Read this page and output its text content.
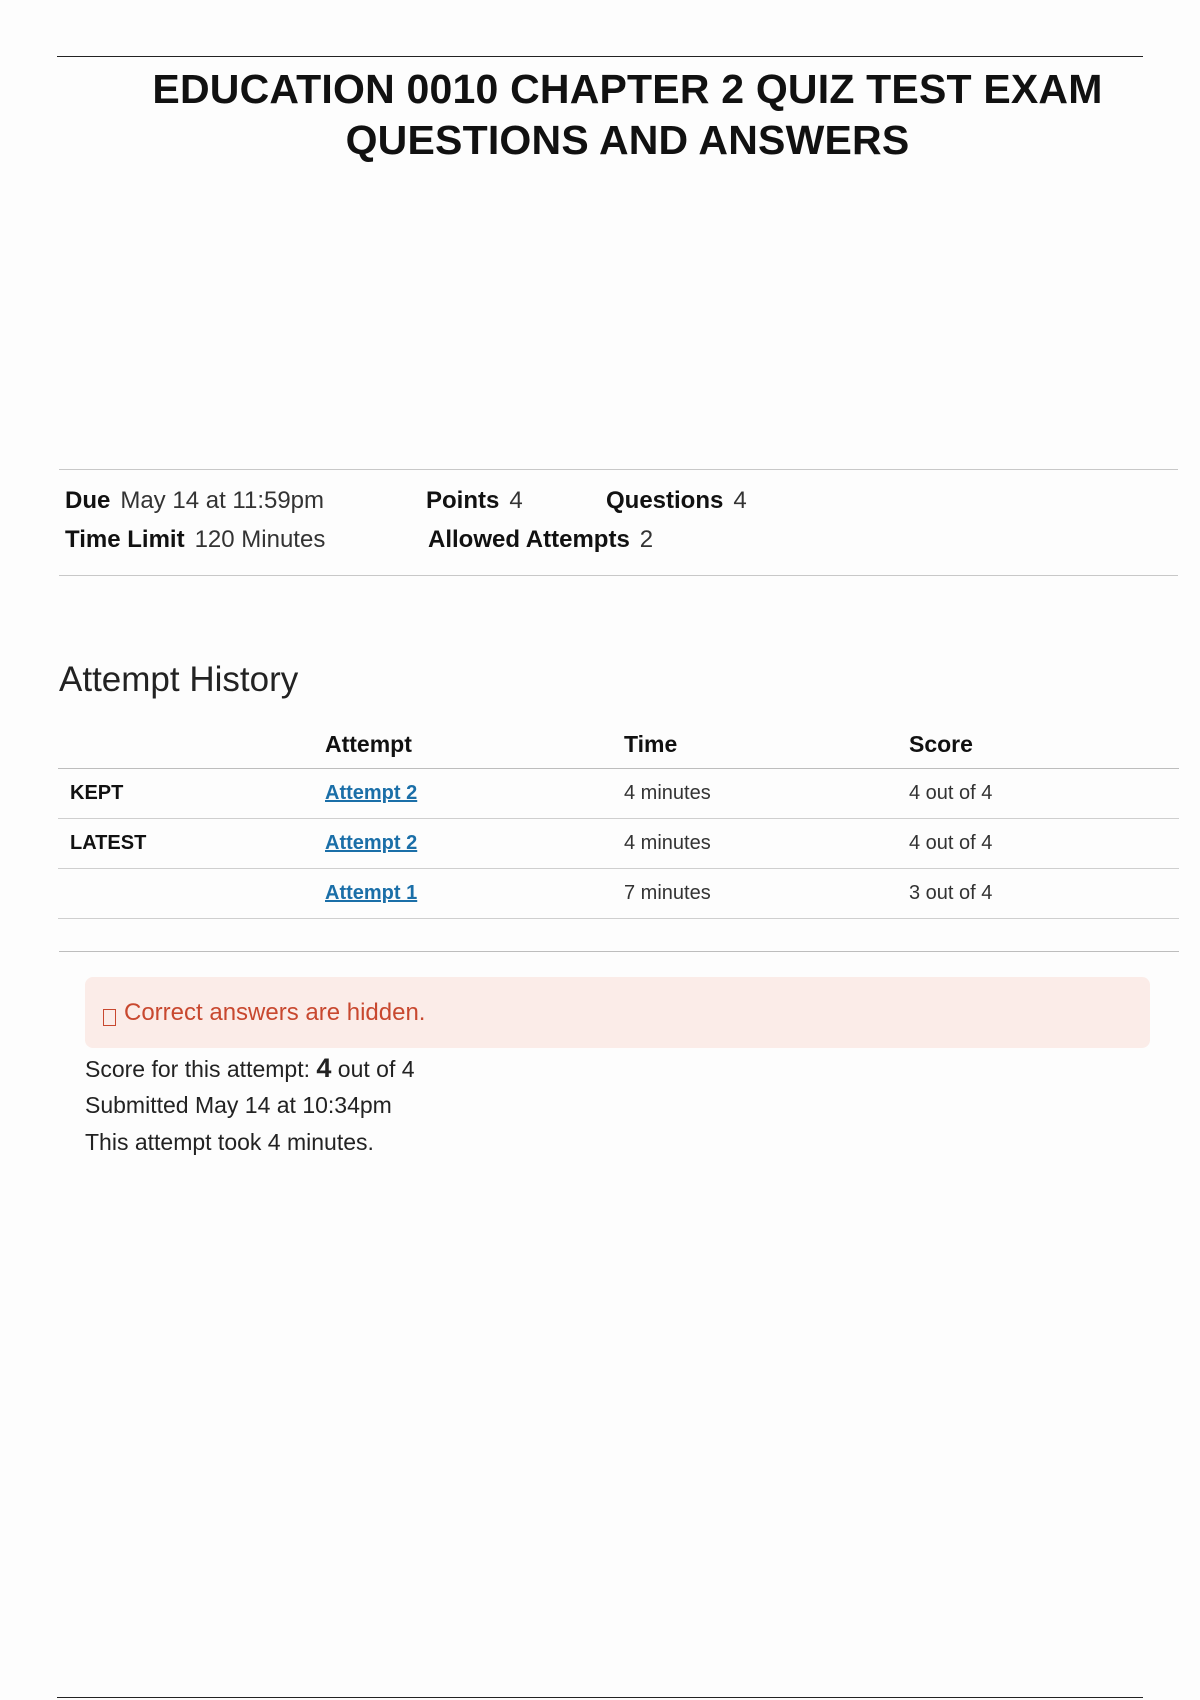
EDUCATION 0010 CHAPTER 2 QUIZ TEST EXAM QUESTIONS AND ANSWERS
Due May 14 at 11:59pm	Points 4	Questions 4
Time Limit 120 Minutes	Allowed Attempts 2
Attempt History
	Attempt	Time	Score
KEPT	Attempt 2	4 minutes	4 out of 4
LATEST	Attempt 2	4 minutes	4 out of 4
	Attempt 1	7 minutes	3 out of 4
Correct answers are hidden.
Score for this attempt: 4 out of 4
Submitted May 14 at 10:34pm
This attempt took 4 minutes.
